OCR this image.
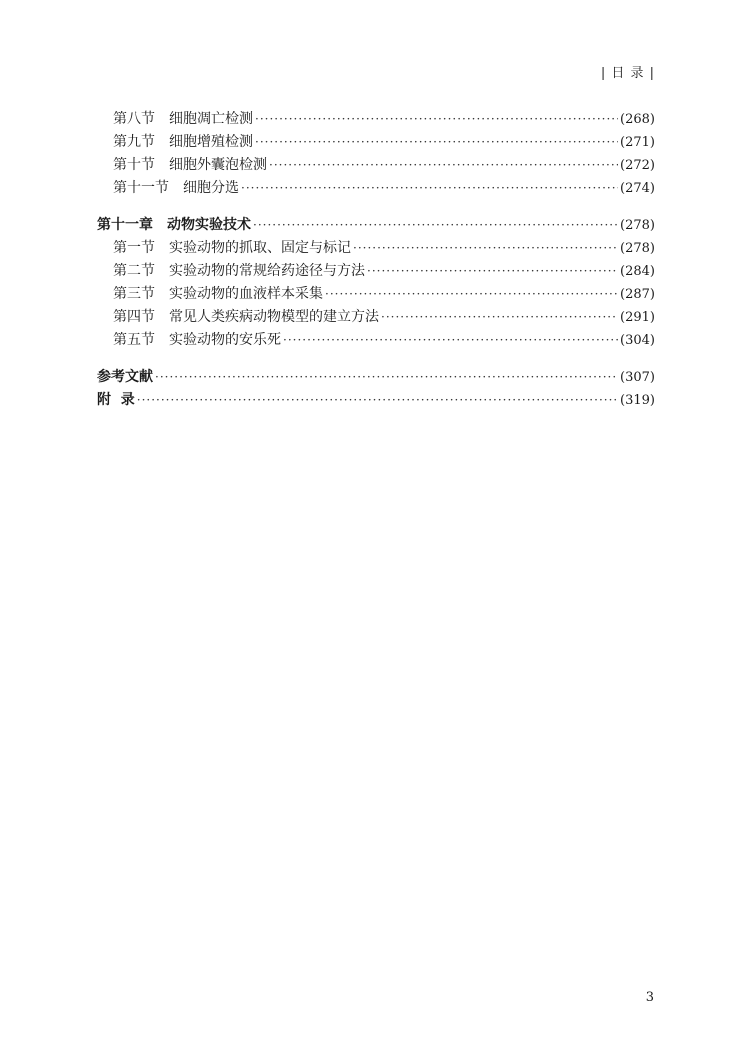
| 日 录 |
第八节 细胞凋亡检测 ·····	(268)
第九节 细胞增殖检测 ·····	(271)
第十节 细胞外囊泡检测 ·····	(272)
第十一节 细胞分选 ·····	(274)
第十一章 动物实验技术 ·····	(278)
第一节 实验动物的抓取、固定与标记 ·····	(278)
第二节 实验动物的常规给药途径与方法 ·····	(284)
第三节 实验动物的血液样本采集 ·····	(287)
第四节 常见人类疾病动物模型的建立方法 ·····	(291)
第五节 实验动物的安乐死 ·····	(304)
参考文献 ·····	(307)
附  录 ·····	(319)
3
